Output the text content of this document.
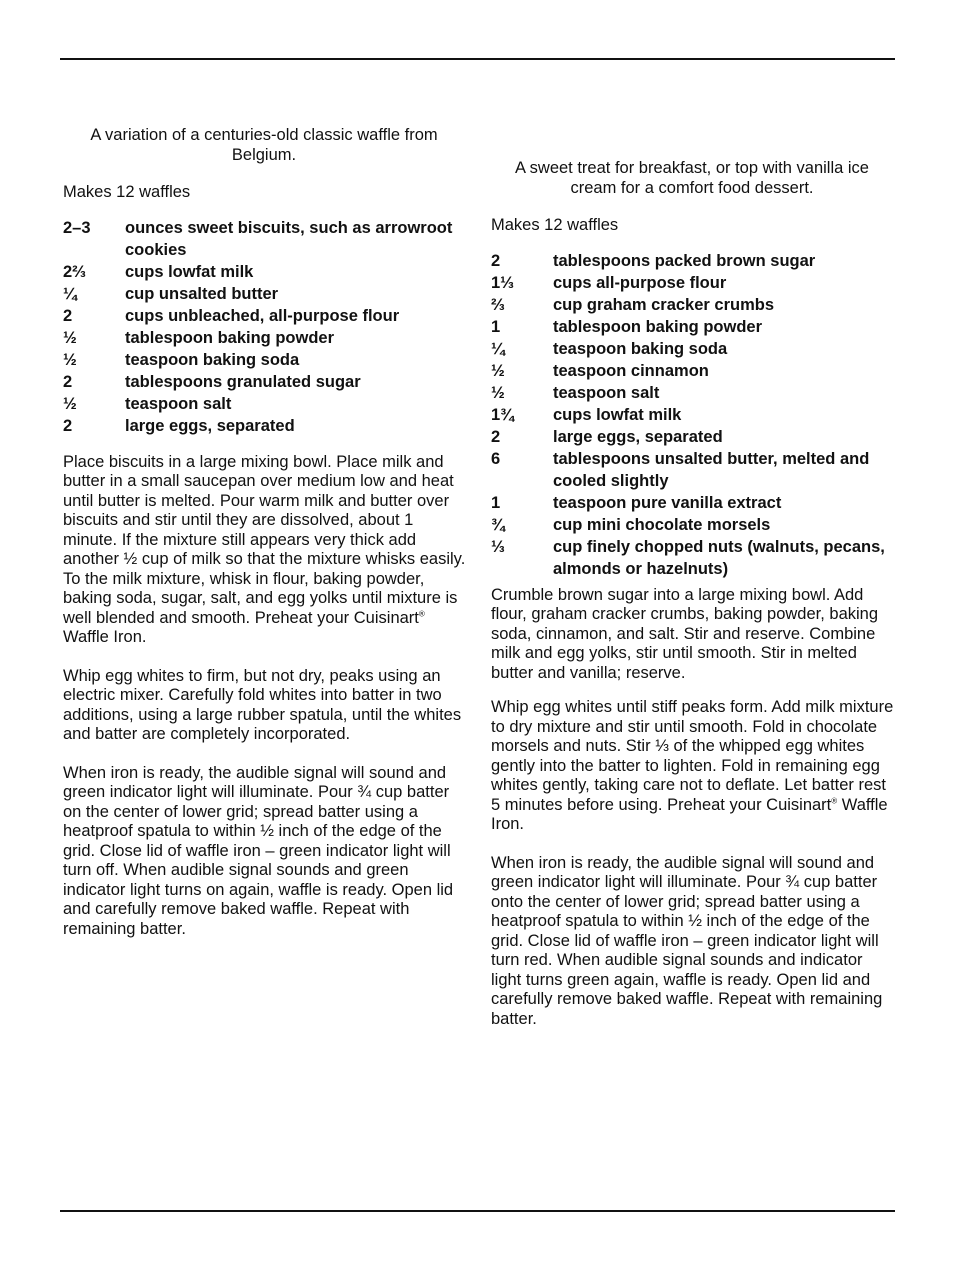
A variation of a centuries-old classic waffle from Belgium.

Makes 12 waffles

2–3	ounces sweet biscuits, such as arrowroot cookies
2⅔	cups lowfat milk
¼	cup unsalted butter
2	cups unbleached, all-purpose flour
½	tablespoon baking powder
½	teaspoon baking soda
2	tablespoons granulated sugar
½	teaspoon salt
2	large eggs, separated

Place biscuits in a large mixing bowl. Place milk and butter in a small saucepan over medium low and heat until butter is melted. Pour warm milk and butter over biscuits and stir until they are dissolved, about 1 minute. If the mixture still appears very thick add another ½ cup of milk so that the mixture whisks easily. To the milk mixture, whisk in flour, baking powder, baking soda, sugar, salt, and egg yolks until mixture is well blended and smooth. Preheat your Cuisinart® Waffle Iron.

Whip egg whites to firm, but not dry, peaks using an electric mixer. Carefully fold whites into batter in two additions, using a large rubber spatula, until the whites and batter are completely incorporated.

When iron is ready, the audible signal will sound and green indicator light will illuminate. Pour ¾ cup batter on the center of lower grid; spread batter using a heatproof spatula to within ½ inch of the edge of the grid. Close lid of waffle iron – green indicator light will turn off. When audible signal sounds and green indicator light turns on again, waffle is ready. Open lid and carefully remove baked waffle. Repeat with remaining batter.

A sweet treat for breakfast, or top with vanilla ice cream for a comfort food dessert.

Makes 12 waffles

2	tablespoons packed brown sugar
1⅓	cups all-purpose flour
⅔	cup graham cracker crumbs
1	tablespoon baking powder
¼	teaspoon baking soda
½	teaspoon cinnamon
½	teaspoon salt
1¾	cups lowfat milk
2	large eggs, separated
6	tablespoons unsalted butter, melted and cooled slightly
1	teaspoon pure vanilla extract
¾	cup mini chocolate morsels
⅓	cup finely chopped nuts (walnuts, pecans, almonds or hazelnuts)

Crumble brown sugar into a large mixing bowl. Add flour, graham cracker crumbs, baking powder, baking soda, cinnamon, and salt. Stir and reserve. Combine milk and egg yolks, stir until smooth. Stir in melted butter and vanilla; reserve.

Whip egg whites until stiff peaks form. Add milk mixture to dry mixture and stir until smooth. Fold in chocolate morsels and nuts. Stir ⅓ of the whipped egg whites gently into the batter to lighten. Fold in remaining egg whites gently, taking care not to deflate. Let batter rest 5 minutes before using. Preheat your Cuisinart® Waffle Iron.

When iron is ready, the audible signal will sound and green indicator light will illuminate. Pour ¾ cup batter onto the center of lower grid; spread batter using a heatproof spatula to within ½ inch of the edge of the grid. Close lid of waffle iron – green indicator light will turn red. When audible signal sounds and indicator light turns green again, waffle is ready. Open lid and carefully remove baked waffle. Repeat with remaining batter.
